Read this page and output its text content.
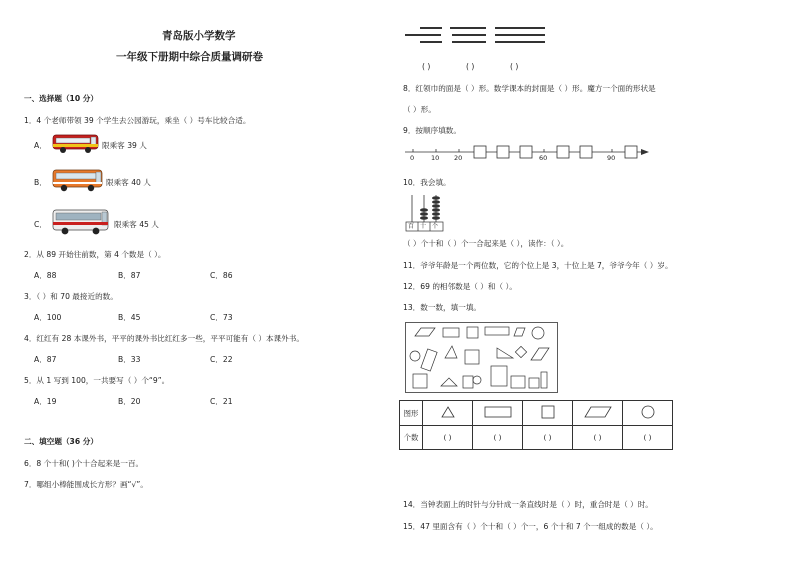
青岛版小学数学
一年级下册期中综合质量调研卷
一、选择题（10 分）
1．4 个老师带领 39 个学生去公园游玩，乘坐（ ）号车比较合适。
A．	限乘客 39 人
B．	限乘客 40 人
C．	限乘客 45 人
2．从 89 开始往前数，第 4 个数是（ ）。
A．88	B．87	C．86
3．（ ）和 70 最接近的数。
A．100	B．45	C．73
4．红红有 28 本课外书，平平的课外书比红红多一些，平平可能有（ ）本课外书。
A．87	B．33	C．22
5．从 1 写到 100，一共要写（ ）个“9”。
A．19	B．20	C．21
二、填空题（36 分）
6．8 个十和( )个十合起来是一百。
7．哪组小棒能围成长方形？画“√”。
( )	( )	( )
8．红领巾的面是（ ）形。数学课本的封面是（ ）形。魔方一个面的形状是
（ ）形。
9．按顺序填数。
0	10 20	60	90
10．我会填。
百 十 个
（ ）个十和（ ）个一合起来是（ ），读作：（ ）。
11．爷爷年龄是一个两位数，它的个位上是 3，十位上是 7，爷爷今年（ ）岁。
12．69 的相邻数是（ ）和（ ）。
13．数一数，填一填。
图形					
个数	( )	( )	( )	( )	( )
14．当钟表面上的时针与分针成一条直线时是（ ）时，重合时是（ ）时。
15．47 里面含有（ ）个十和（ ）个一，6 个十和 7 个一组成的数是（ ）。
